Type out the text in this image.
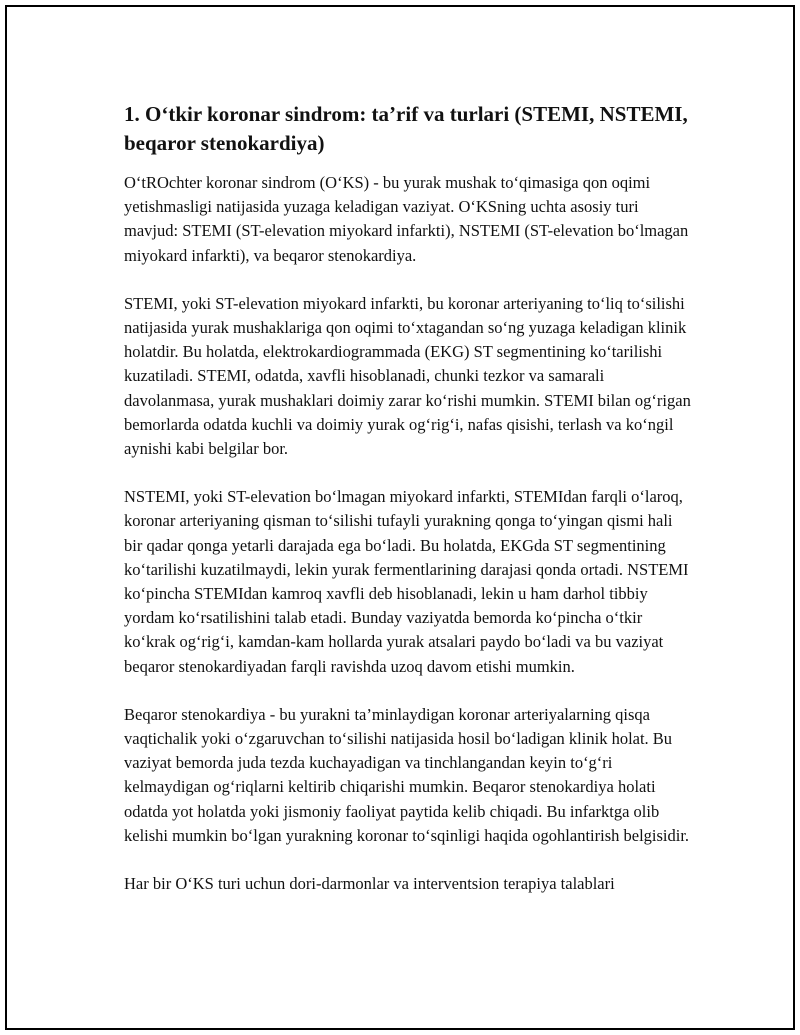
1. O‘tkir koronar sindrom: ta’rif va turlari (STEMI, NSTEMI, beqaror stenokardiya)

O‘tROchter koronar sindrom (O‘KS) - bu yurak mushak to‘qimasiga qon oqimi yetishmasligi natijasida yuzaga keladigan vaziyat. O‘KSning uchta asosiy turi mavjud: STEMI (ST-elevation miyokard infarkti), NSTEMI (ST-elevation bo‘lmagan miyokard infarkti), va beqaror stenokardiya.

STEMI, yoki ST-elevation miyokard infarkti, bu koronar arteriyaning to‘liq to‘silishi natijasida yurak mushaklariga qon oqimi to‘xtagandan so‘ng yuzaga keladigan klinik holatdir. Bu holatda, elektrokardiogrammada (EKG) ST segmentining ko‘tarilishi kuzatiladi. STEMI, odatda, xavfli hisoblanadi, chunki tezkor va samarali davolanmasa, yurak mushaklari doimiy zarar ko‘rishi mumkin. STEMI bilan og‘rigan bemorlarda odatda kuchli va doimiy yurak og‘rig‘i, nafas qisishi, terlash va ko‘ngil aynishi kabi belgilar bor.

NSTEMI, yoki ST-elevation bo‘lmagan miyokard infarkti, STEMIdan farqli o‘laroq, koronar arteriyaning qisman to‘silishi tufayli yurakning qonga to‘yingan qismi hali bir qadar qonga yetarli darajada ega bo‘ladi. Bu holatda, EKGda ST segmentining ko‘tarilishi kuzatilmaydi, lekin yurak fermentlarining darajasi qonda ortadi. NSTEMI ko‘pincha STEMIdan kamroq xavfli deb hisoblanadi, lekin u ham darhol tibbiy yordam ko‘rsatilishini talab etadi. Bunday vaziyatda bemorda ko‘pincha o‘tkir ko‘krak og‘rig‘i, kamdan-kam hollarda yurak atsalari paydo bo‘ladi va bu vaziyat beqaror stenokardiyadan farqli ravishda uzoq davom etishi mumkin.

Beqaror stenokardiya - bu yurakni ta’minlaydigan koronar arteriyalarning qisqa vaqtichalik yoki o‘zgaruvchan to‘silishi natijasida hosil bo‘ladigan klinik holat. Bu vaziyat bemorda juda tezda kuchayadigan va tinchlangandan keyin to‘g‘ri kelmaydigan og‘riqlarni keltirib chiqarishi mumkin. Beqaror stenokardiya holati odatda yot holatda yoki jismoniy faoliyat paytida kelib chiqadi. Bu infarktga olib kelishi mumkin bo‘lgan yurakning koronar to‘sqinligi haqida ogohlantirish belgisidir.

Har bir O‘KS turi uchun dori-darmonlar va interventsion terapiya talablari
